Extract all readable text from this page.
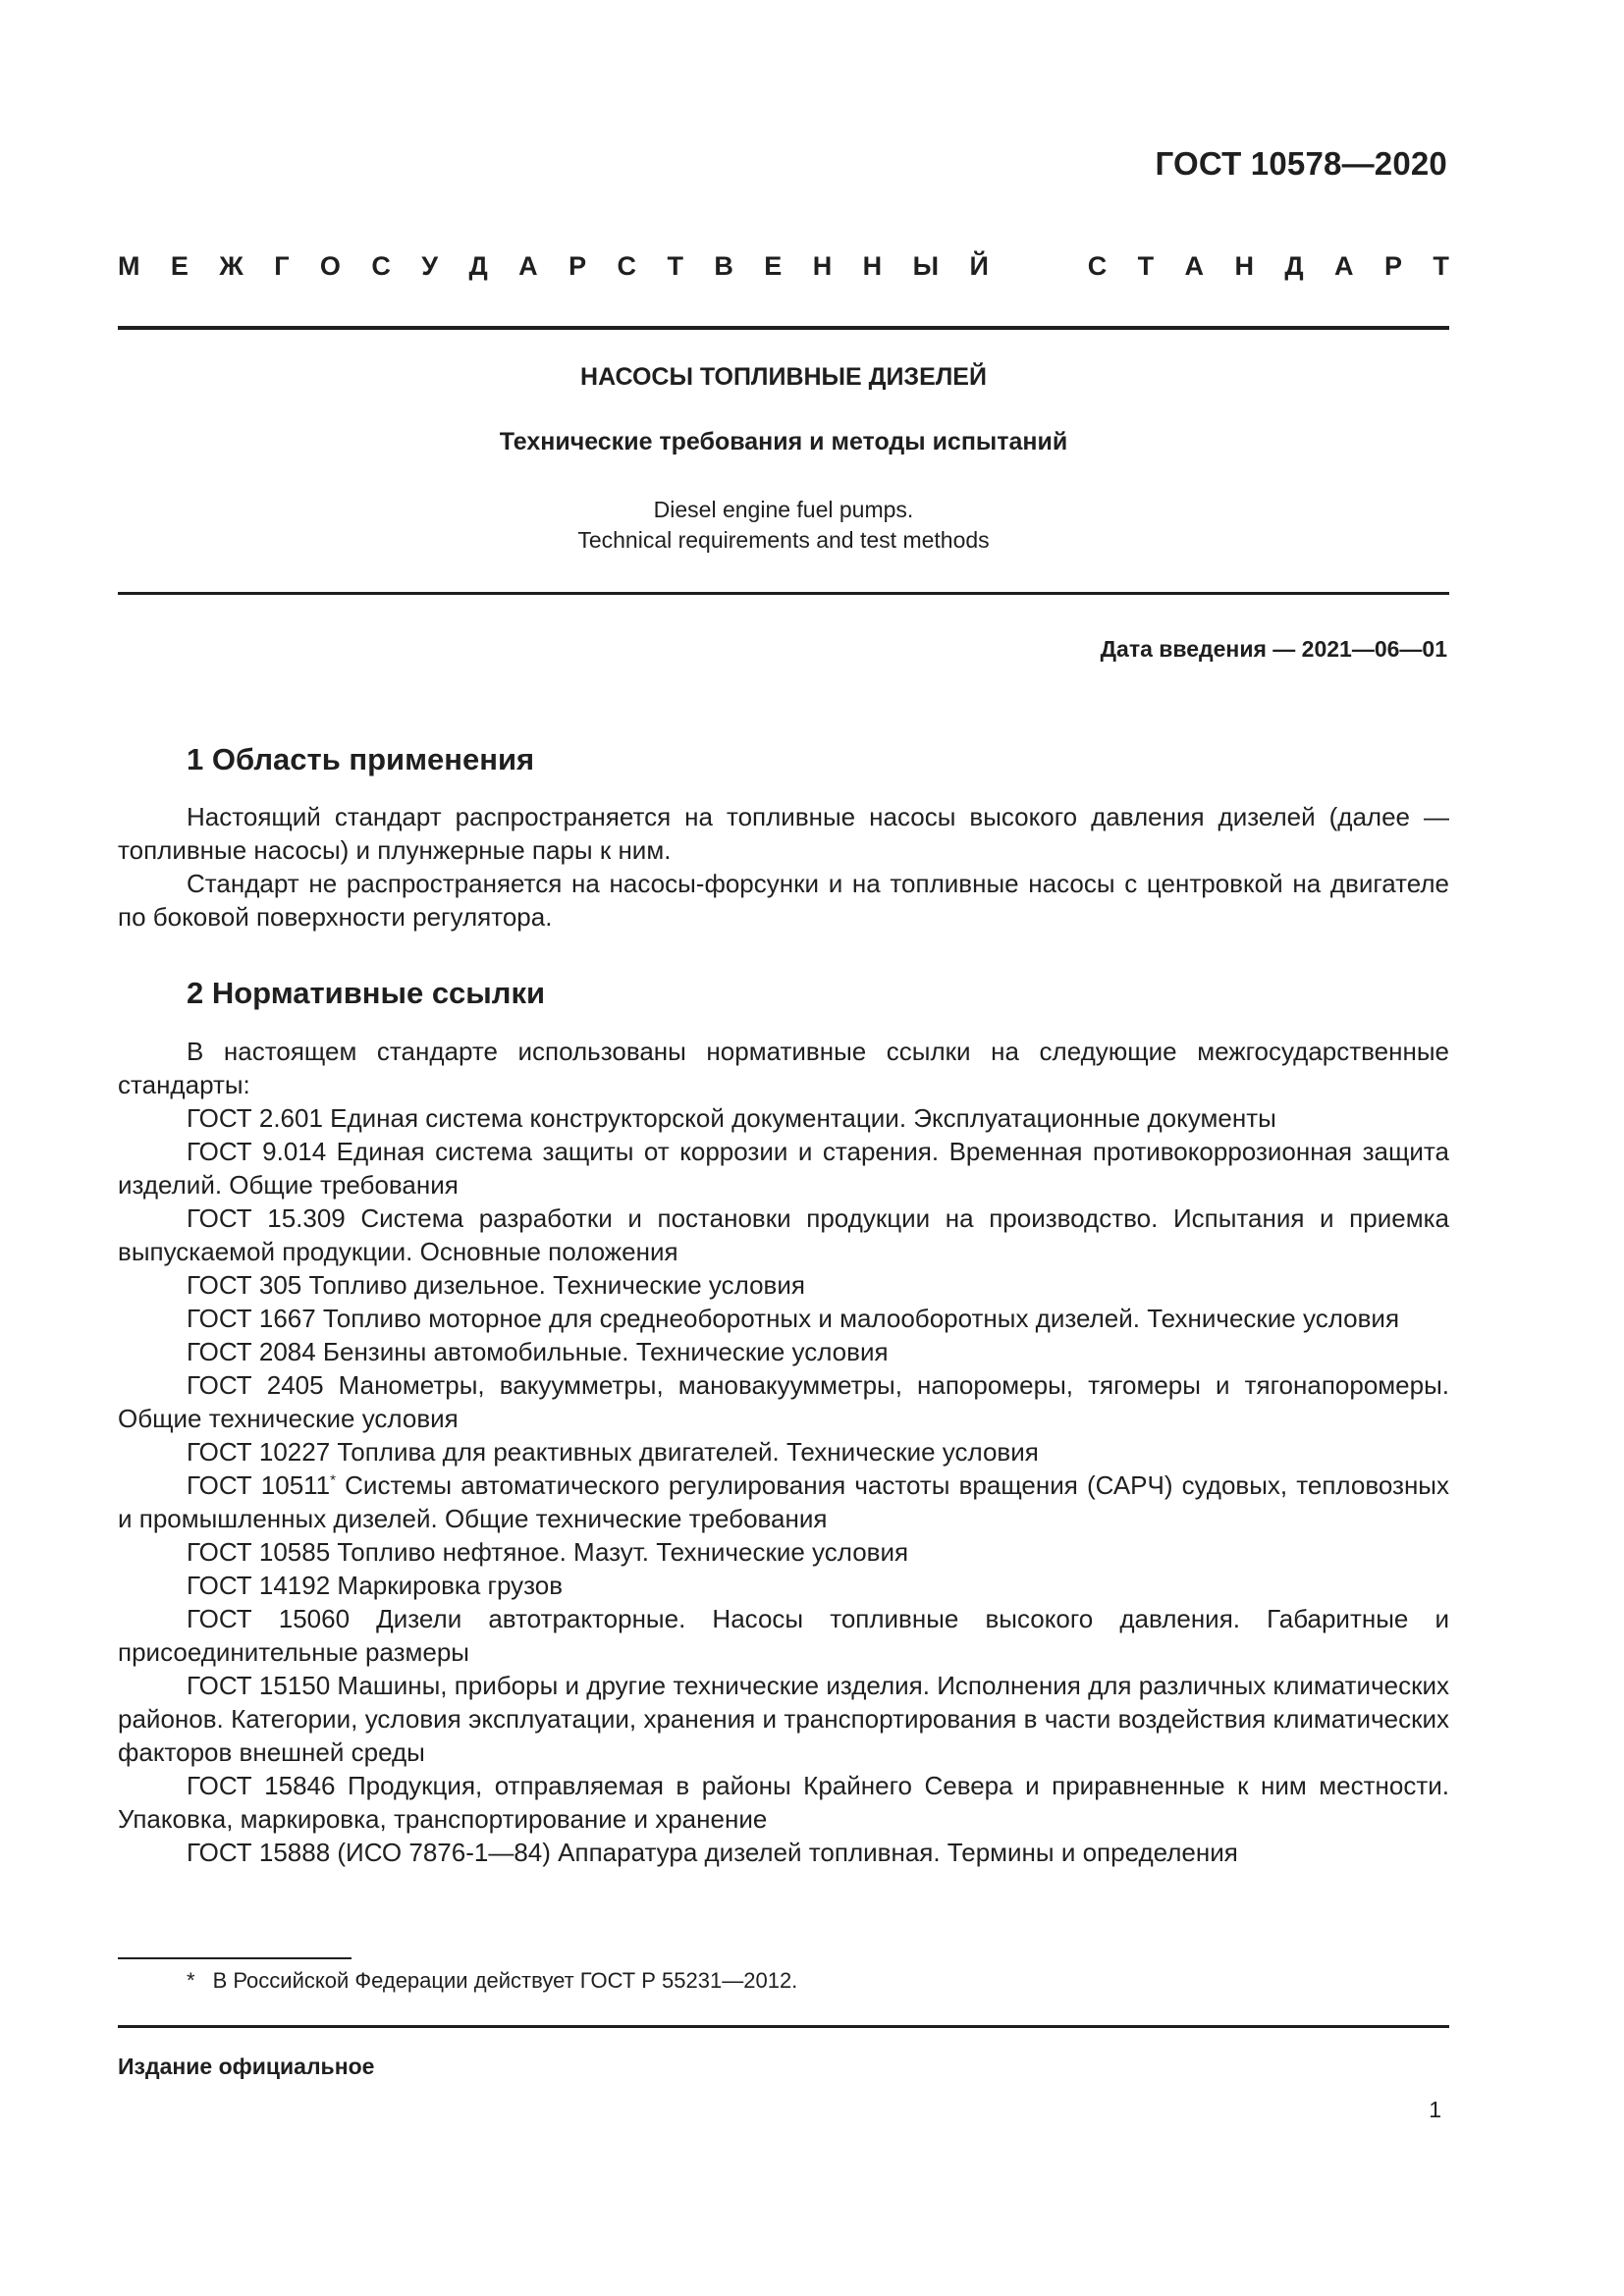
ГОСТ 10578—2020
М Е Ж Г О С У Д А Р С Т В Е Н Н Ы Й	С Т А Н Д А Р Т
НАСОСЫ ТОПЛИВНЫЕ ДИЗЕЛЕЙ
Технические требования и методы испытаний
Diesel engine fuel pumps.
Technical requirements and test methods
Дата введения — 2021—06—01
1 Область применения

Настоящий стандарт распространяется на топливные насосы высокого давления дизелей (далее — топливные насосы) и плунжерные пары к ним.

Стандарт не распространяется на насосы-форсунки и на топливные насосы с центровкой на двигателе по боковой поверхности регулятора.

2 Нормативные ссылки

В настоящем стандарте использованы нормативные ссылки на следующие межгосударственные стандарты:

ГОСТ 2.601 Единая система конструкторской документации. Эксплуатационные документы

ГОСТ 9.014 Единая система защиты от коррозии и старения. Временная противокоррозионная защита изделий. Общие требования

ГОСТ 15.309 Система разработки и постановки продукции на производство. Испытания и приемка выпускаемой продукции. Основные положения

ГОСТ 305 Топливо дизельное. Технические условия

ГОСТ 1667 Топливо моторное для среднеоборотных и малооборотных дизелей. Технические условия

ГОСТ 2084 Бензины автомобильные. Технические условия

ГОСТ 2405 Манометры, вакуумметры, мановакуумметры, напоромеры, тягомеры и тягонапоромеры. Общие технические условия

ГОСТ 10227 Топлива для реактивных двигателей. Технические условия

ГОСТ 10511* Системы автоматического регулирования частоты вращения (САРЧ) судовых, тепловозных и промышленных дизелей. Общие технические требования

ГОСТ 10585 Топливо нефтяное. Мазут. Технические условия

ГОСТ 14192 Маркировка грузов

ГОСТ 15060 Дизели автотракторные. Насосы топливные высокого давления. Габаритные и присоединительные размеры

ГОСТ 15150 Машины, приборы и другие технические изделия. Исполнения для различных климатических районов. Категории, условия эксплуатации, хранения и транспортирования в части воздействия климатических факторов внешней среды

ГОСТ 15846 Продукция, отправляемая в районы Крайнего Севера и приравненные к ним местности. Упаковка, маркировка, транспортирование и хранение

ГОСТ 15888 (ИСО 7876-1—84) Аппаратура дизелей топливная. Термины и определения

* В Российской Федерации действует ГОСТ Р 55231—2012.
Издание официальное
1
